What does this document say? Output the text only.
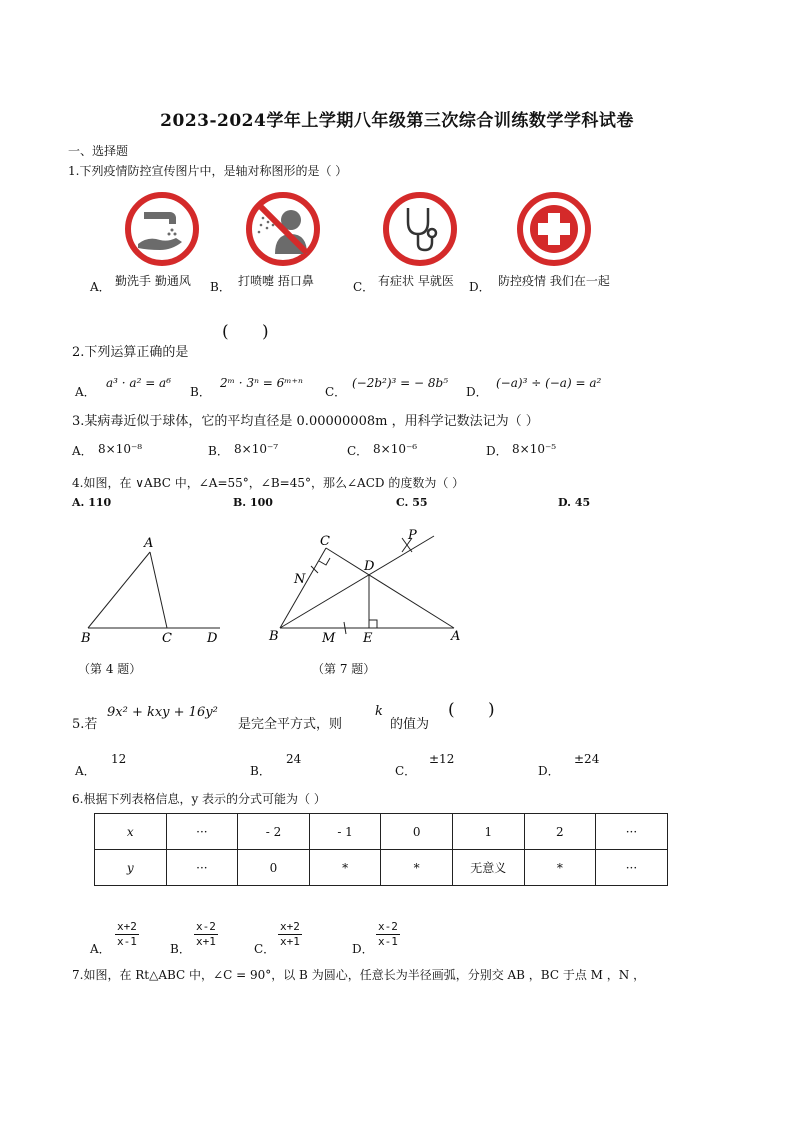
2023-2024学年上学期八年级第三次综合训练数学学科试卷
一、选择题
1.下列疫情防控宣传图片中，是轴对称图形的是（ ）
A． 勤洗手 勤通风 B． 打喷嚏 捂口鼻	C． 有症状 早就医 D． 防控疫情 我们在一起
2.下列运算正确的是
( )
A．
a³ · a² = a⁶
B．
2ᵐ · 3ⁿ = 6ᵐ⁺ⁿ
C．
(−2b²)³ = − 8b⁵
D．
(−a)³ ÷ (−a) = a²
3.某病毒近似于球体，它的平均直径是 0.00000008m ，用科学记数法记为（ ）
A． 8×10⁻⁸	B． 8×10⁻⁷	C． 8×10⁻⁶	D． 8×10⁻⁵
4.如图，在 ∨ABC 中，∠A=55°，∠B=45°，那么∠ACD 的度数为（ ）
A. 110	B. 100	C. 55	D. 45
A
B	C	D
（第 4 题）
C	P
D
N
B	M E	A
（第 7 题）
5.若
9x² + kxy + 16y²
是完全平方式，则
k
的值为
( )
A．
12
B．
24
C．
±12
D．
±24
6.根据下列表格信息，y 表示的分式可能为（ ）
x	···	- 2	- 1	0	1	2	···
y	···	0	*	*	无意义	*	···
A． $\frac{x+2}{x-1}$	B． $\frac{x-2}{x+1}$	C． $\frac{x+2}{x+1}$	D． $\frac{x-2}{x-1}$
7.如图，在 Rt△ABC 中，∠C = 90°，以 B 为圆心，任意长为半径画弧，分别交 AB ，BC 于点 M ，N ，
